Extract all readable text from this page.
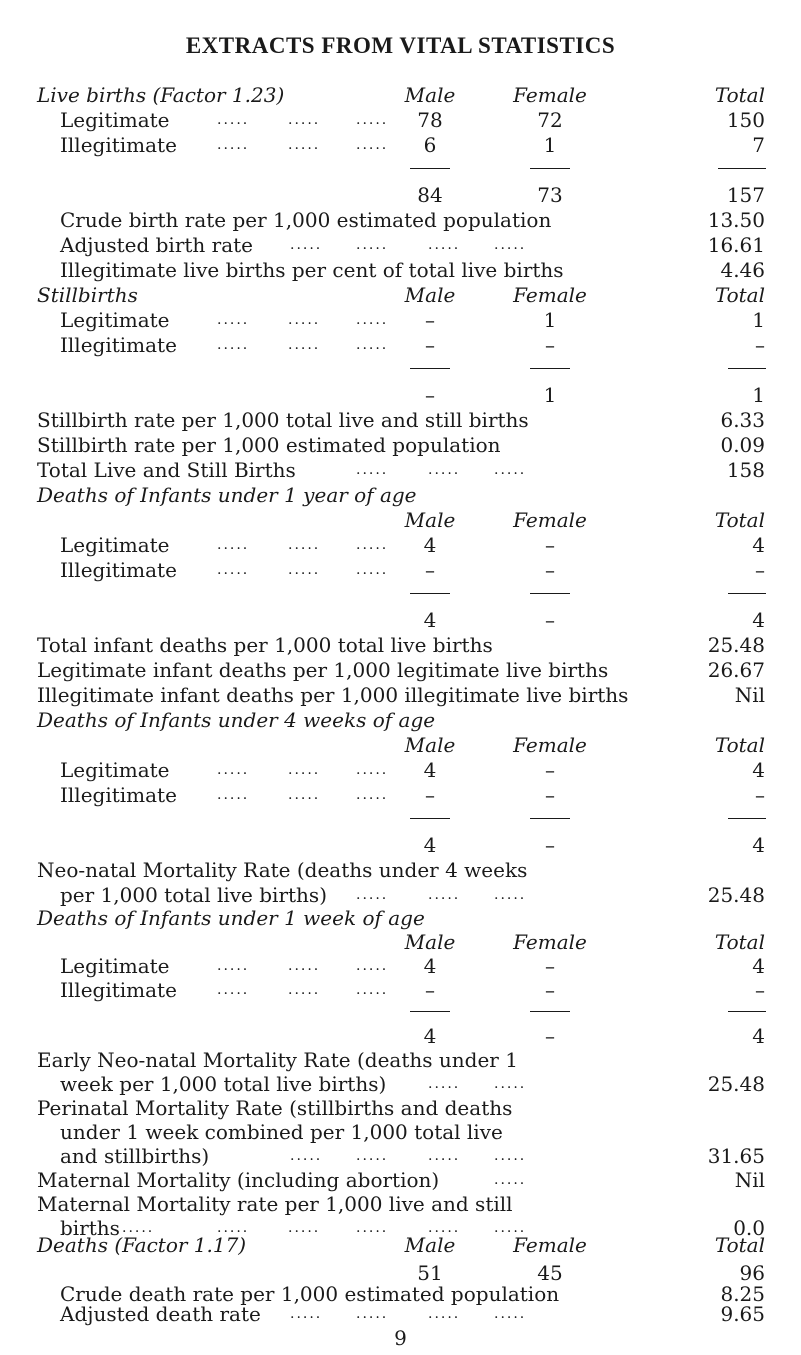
EXTRACTS FROM VITAL STATISTICS
Live births (Factor 1.23)	Male	Female	Total
Legitimate	.....	.....	.....	78	72	150
Illegitimate	.....	.....	.....	6	1	7
84	73	157
Crude birth rate per 1,000 estimated population	13.50
Adjusted birth rate	..... .....	..... .....	16.61
Illegitimate live births per cent of total live births	4.46
Stillbirths	Male	Female	Total
Legitimate	.....	.....	.....	–	1	1
Illegitimate	.....	.....	.....	–	–	–
–	1	1
Stillbirth rate per 1,000 total live and still births	6.33
Stillbirth rate per 1,000 estimated population	0.09
Total Live and Still Births	.....	..... .....	158
Deaths of Infants under 1 year of age
Male	Female	Total
Legitimate	.....	.....	.....	4	–	4
Illegitimate	.....	.....	.....	–	–	–
4	–	4
Total infant deaths per 1,000 total live births	25.48
Legitimate infant deaths per 1,000 legitimate live births	26.67
Illegitimate infant deaths per 1,000 illegitimate live births	Nil
Deaths of Infants under 4 weeks of age
Male	Female	Total
Legitimate	.....	.....	.....	4	–	4
Illegitimate	.....	.....	.....	–	–	–
4	–	4
Neo-natal Mortality Rate (deaths under 4 weeks
per 1,000 total live births) .....	..... .....	25.48
Deaths of Infants under 1 week of age
Male	Female	Total
Legitimate	.....	.....	.....	4	–	4
Illegitimate	.....	.....	.....	–	–	–
4	–	4
Early Neo-natal Mortality Rate (deaths under 1
week per 1,000 total live births)	..... .....	25.48
Perinatal Mortality Rate (stillbirths and deaths
under 1 week combined per 1,000 total live
and stillbirths)	..... .....	..... .....	31.65
Maternal Mortality (including abortion)	.....	Nil
Maternal Mortality rate per 1,000 live and still
births .....	.....	.....	.....	..... .....	0.0
Deaths (Factor 1.17)	Male	Female	Total
51	45	96
Crude death rate per 1,000 estimated population	8.25
Adjusted death rate ..... .....	..... .....	9.65
9
